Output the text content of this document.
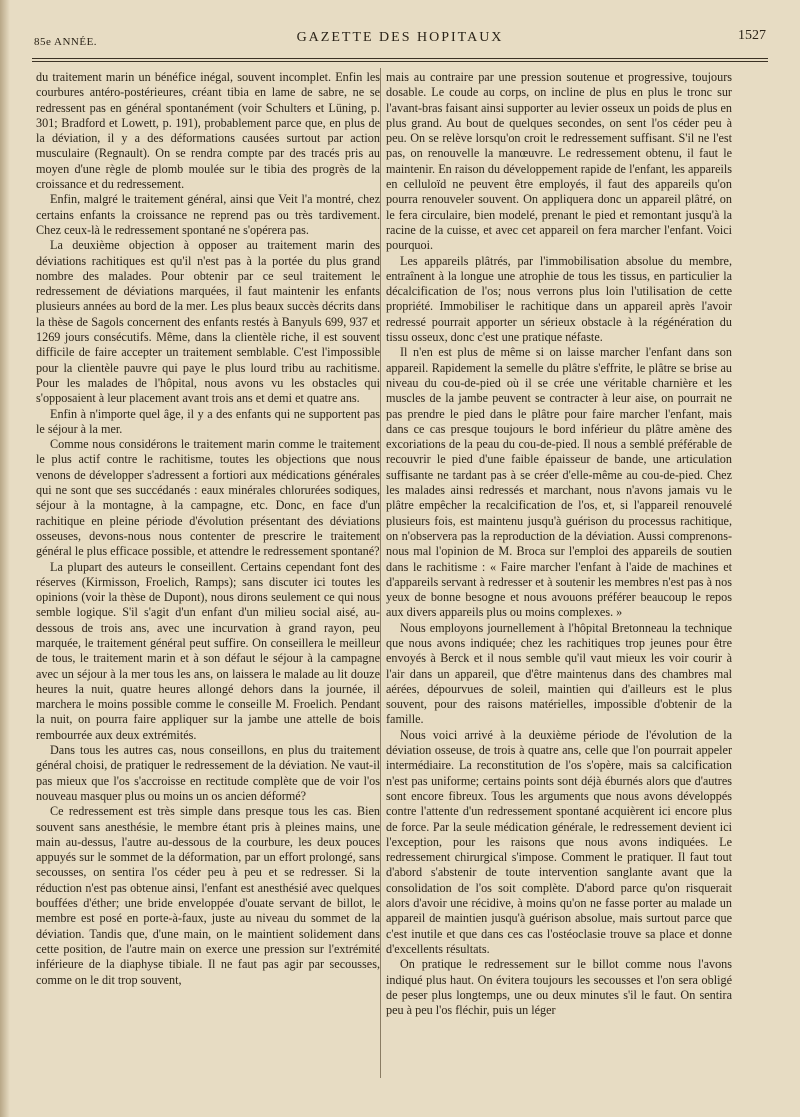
85e ANNÉE.	GAZETTE DES HOPITAUX	1527

du traitement marin un bénéfice inégal, souvent incomplet. Enfin les courbures antéro-postérieures, créant tibia en lame de sabre, ne se redressent pas en général spontanément (voir Schulters et Lüning, p. 301; Bradford et Lowett, p. 191), probablement parce que, en plus de la déviation, il y a des déformations causées surtout par action musculaire (Regnault). On se rendra compte par des tracés pris au moyen d'une règle de plomb moulée sur le tibia des progrès de la croissance et du redressement.

Enfin, malgré le traitement général, ainsi que Veit l'a montré, chez certains enfants la croissance ne reprend pas ou très tardivement. Chez ceux-là le redressement spontané ne s'opérera pas.

La deuxième objection à opposer au traitement marin des déviations rachitiques est qu'il n'est pas à la portée du plus grand nombre des malades. Pour obtenir par ce seul traitement le redressement de déviations marquées, il faut maintenir les enfants plusieurs années au bord de la mer. Les plus beaux succès décrits dans la thèse de Sagols concernent des enfants restés à Banyuls 699, 937 et 1269 jours consécutifs. Même, dans la clientèle riche, il est souvent difficile de faire accepter un traitement semblable. C'est l'impossible pour la clientèle pauvre qui paye le plus lourd tribu au rachitisme. Pour les malades de l'hôpital, nous avons vu les obstacles qui s'opposaient à leur placement avant trois ans et demi et quatre ans.

Enfin à n'importe quel âge, il y a des enfants qui ne supportent pas le séjour à la mer.

Comme nous considérons le traitement marin comme le traitement le plus actif contre le rachitisme, toutes les objections que nous venons de développer s'adressent a fortiori aux médications générales qui ne sont que ses succédanés : eaux minérales chlorurées sodiques, séjour à la montagne, à la campagne, etc. Donc, en face d'un rachitique en pleine période d'évolution présentant des déviations osseuses, devons-nous nous contenter de prescrire le traitement général le plus efficace possible, et attendre le redressement spontané?

La plupart des auteurs le conseillent. Certains cependant font des réserves (Kirmisson, Froelich, Ramps); sans discuter ici toutes les opinions (voir la thèse de Dupont), nous dirons seulement ce qui nous semble logique. S'il s'agit d'un enfant d'un milieu social aisé, au-dessous de trois ans, avec une incurvation à grand rayon, peu marquée, le traitement général peut suffire. On conseillera le meilleur de tous, le traitement marin et à son défaut le séjour à la campagne avec un séjour à la mer tous les ans, on laissera le malade au lit douze heures la nuit, quatre heures allongé dehors dans la journée, il marchera le moins possible comme le conseille M. Froelich. Pendant la nuit, on pourra faire appliquer sur la jambe une attelle de bois rembourrée aux deux extrémités.

Dans tous les autres cas, nous conseillons, en plus du traitement général choisi, de pratiquer le redressement de la déviation. Ne vaut-il pas mieux que l'os s'accroisse en rectitude complète que de voir l'os nouveau masquer plus ou moins un os ancien déformé?

Ce redressement est très simple dans presque tous les cas. Bien souvent sans anesthésie, le membre étant pris à pleines mains, une main au-dessus, l'autre au-dessous de la courbure, les deux pouces appuyés sur le sommet de la déformation, par un effort prolongé, sans secousses, on sentira l'os céder peu à peu et se redresser. Si la réduction n'est pas obtenue ainsi, l'enfant est anesthésié avec quelques bouffées d'éther; une bride enveloppée d'ouate servant de billot, le membre est posé en porte-à-faux, juste au niveau du sommet de la déviation. Tandis que, d'une main, on le maintient solidement dans cette position, de l'autre main on exerce une pression sur l'extrémité inférieure de la diaphyse tibiale. Il ne faut pas agir par secousses, comme on le dit trop souvent,

mais au contraire par une pression soutenue et progressive, toujours dosable. Le coude au corps, on incline de plus en plus le tronc sur l'avant-bras faisant ainsi supporter au levier osseux un poids de plus en plus grand. Au bout de quelques secondes, on sent l'os céder peu à peu. On se relève lorsqu'on croit le redressement suffisant. S'il ne l'est pas, on renouvelle la manœuvre. Le redressement obtenu, il faut le maintenir. En raison du développement rapide de l'enfant, les appareils en celluloïd ne peuvent être employés, il faut des appareils qu'on pourra renouveler souvent. On appliquera donc un appareil plâtré, on le fera circulaire, bien modelé, prenant le pied et remontant jusqu'à la racine de la cuisse, et avec cet appareil on fera marcher l'enfant. Voici pourquoi.

Les appareils plâtrés, par l'immobilisation absolue du membre, entraînent à la longue une atrophie de tous les tissus, en particulier la décalcification de l'os; nous verrons plus loin l'utilisation de cette propriété. Immobiliser le rachitique dans un appareil après l'avoir redressé pourrait apporter un sérieux obstacle à la régénération du tissu osseux, donc c'est une pratique néfaste.

Il n'en est plus de même si on laisse marcher l'enfant dans son appareil. Rapidement la semelle du plâtre s'effrite, le plâtre se brise au niveau du cou-de-pied où il se crée une véritable charnière et les muscles de la jambe peuvent se contracter à leur aise, on pourrait ne pas prendre le pied dans le plâtre pour faire marcher l'enfant, mais dans ce cas presque toujours le bord inférieur du plâtre amène des excoriations de la peau du cou-de-pied. Il nous a semblé préférable de recouvrir le pied d'une faible épaisseur de bande, une articulation suffisante ne tardant pas à se créer d'elle-même au cou-de-pied. Chez les malades ainsi redressés et marchant, nous n'avons jamais vu le plâtre empêcher la recalcification de l'os, et, si l'appareil renouvelé plusieurs fois, est maintenu jusqu'à guérison du processus rachitique, on n'observera pas la reproduction de la déviation. Aussi comprenons-nous mal l'opinion de M. Broca sur l'emploi des appareils de soutien dans le rachitisme : « Faire marcher l'enfant à l'aide de machines et d'appareils servant à redresser et à soutenir les membres n'est pas à nos yeux de bonne besogne et nous avouons préférer beaucoup le repos aux divers appareils plus ou moins complexes. »

Nous employons journellement à l'hôpital Bretonneau la technique que nous avons indiquée; chez les rachitiques trop jeunes pour être envoyés à Berck et il nous semble qu'il vaut mieux les voir courir à l'air dans un appareil, que d'être maintenus dans des chambres mal aérées, dépourvues de soleil, maintien qui d'ailleurs est le plus souvent, pour des raisons matérielles, impossible d'obtenir de la famille.

Nous voici arrivé à la deuxième période de l'évolution de la déviation osseuse, de trois à quatre ans, celle que l'on pourrait appeler intermédiaire. La reconstitution de l'os s'opère, mais sa calcification n'est pas uniforme; certains points sont déjà éburnés alors que d'autres sont encore fibreux. Tous les arguments que nous avons développés contre l'attente d'un redressement spontané acquièrent ici encore plus de force. Par la seule médication générale, le redressement devient ici l'exception, pour les raisons que nous avons indiquées. Le redressement chirurgical s'impose. Comment le pratiquer. Il faut tout d'abord s'abstenir de toute intervention sanglante avant que la consolidation de l'os soit complète. D'abord parce qu'on risquerait alors d'avoir une récidive, à moins qu'on ne fasse porter au malade un appareil de maintien jusqu'à guérison absolue, mais surtout parce que c'est inutile et que dans ces cas l'ostéoclasie trouve sa place et donne d'excellents résultats.

On pratique le redressement sur le billot comme nous l'avons indiqué plus haut. On évitera toujours les secousses et l'on sera obligé de peser plus longtemps, une ou deux minutes s'il le faut. On sentira peu à peu l'os fléchir, puis un léger
